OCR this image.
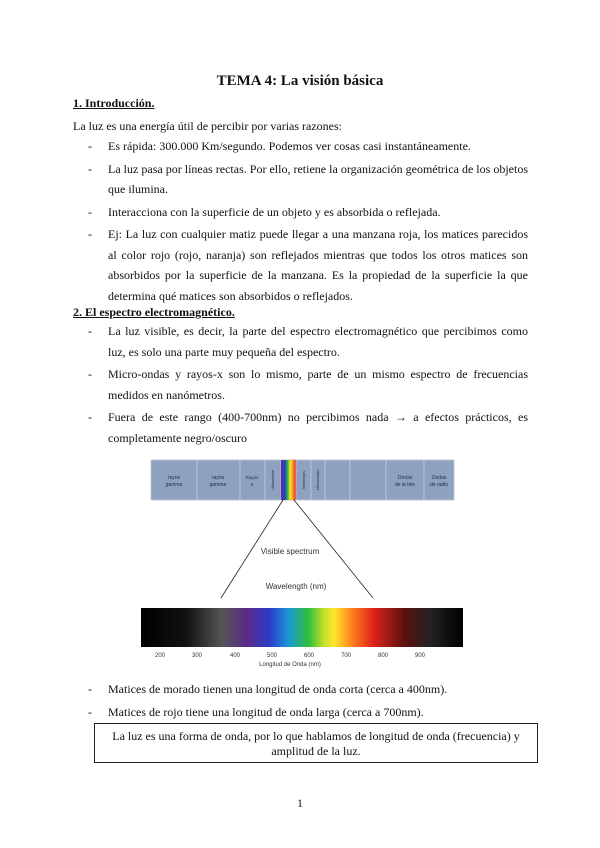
TEMA 4: La visión básica
1. Introducción.
La luz es una energía útil de percibir por varias razones:
- Es rápida: 300.000 Km/segundo. Podemos ver cosas casi instantáneamente.
- La luz pasa por líneas rectas. Por ello, retiene la organización geométrica de los objetos que ilumina.
- Interacciona con la superficie de un objeto y es absorbida o reflejada.
- Ej: La luz con cualquier matiz puede llegar a una manzana roja, los matices parecidos al color rojo (rojo, naranja) son reflejados mientras que todos los otros matices son absorbidos por la superficie de la manzana. Es la propiedad de la superficie la que determina qué matices son absorbidos o reflejados.
2. El espectro electromagnético.
- La luz visible, es decir, la parte del espectro electromagnético que percibimos como luz, es solo una parte muy pequeña del espectro.
- Micro-ondas y rayos-x son lo mismo, parte de un mismo espectro de frecuencias medidos en nanómetros.
- Fuera de este rango (400-700nm) no percibimos nada → a efectos prácticos, es completamente negro/oscuro
rayos
gamma
rayos
gamma
Rayos
X	Ultravioleta	Infrarrojos Microondas	Ondas
de la tele
Ondas
de radio
Visible spectrum
Wavelength (nm)
200	300	400	500	600	700	800	900
Longitud de Onda (nm)
- Matices de morado tienen una longitud de onda corta (cerca a 400nm).
- Matices de rojo tiene una longitud de onda larga (cerca a 700nm).
La luz es una forma de onda, por lo que hablamos de longitud de onda (frecuencia) y amplitud de la luz.
1
